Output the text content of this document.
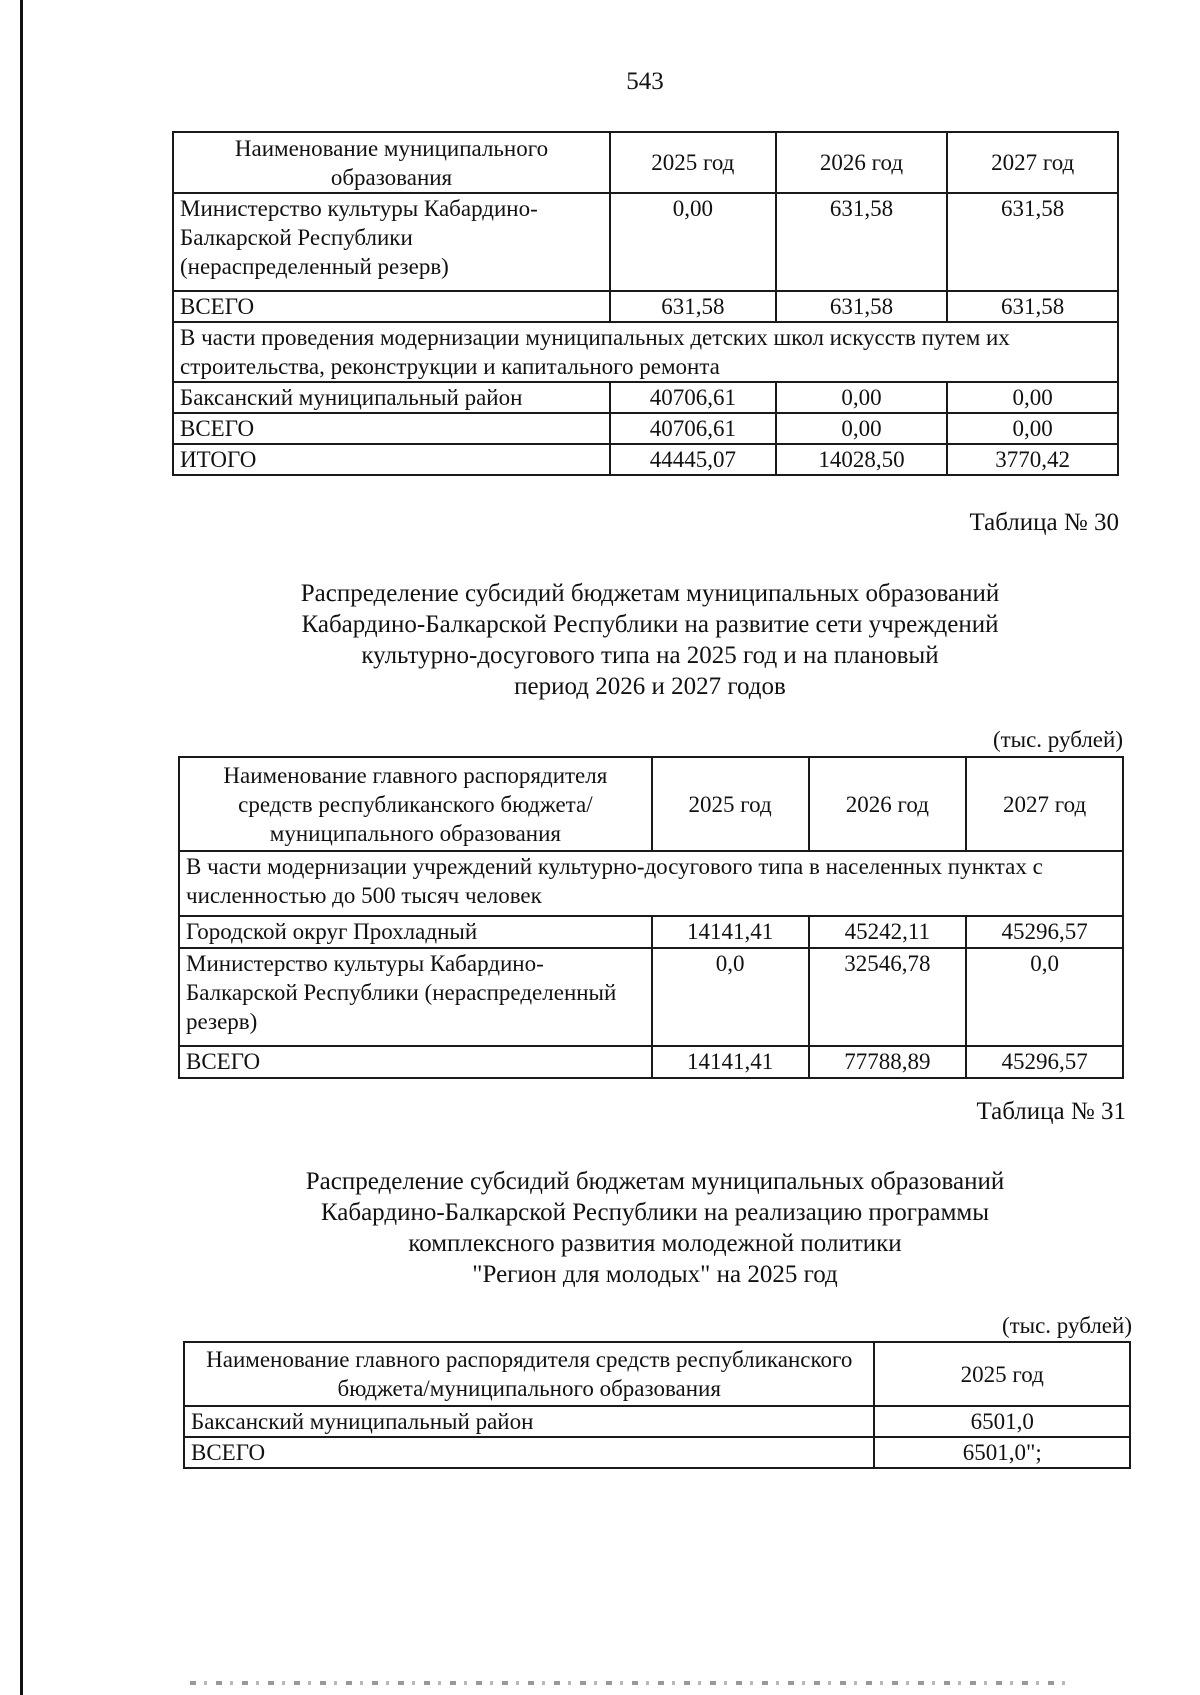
543
Наименование муниципального образования	2025 год	2026 год	2027 год
Министерство культуры Кабардино-Балкарской Республики (нераспределенный резерв)	0,00	631,58	631,58
ВСЕГО	631,58	631,58	631,58
В части проведения модернизации муниципальных детских школ искусств путем их строительства, реконструкции и капитального ремонта			
Баксанский муниципальный район	40706,61	0,00	0,00
ВСЕГО	40706,61	0,00	0,00
ИТОГО	44445,07	14028,50	3770,42
Таблица № 30
Распределение субсидий бюджетам муниципальных образований
Кабардино-Балкарской Республики на развитие сети учреждений
культурно-досугового типа на 2025 год и на плановый
период 2026 и 2027 годов
(тыс. рублей)
Наименование главного распорядителя средств республиканского бюджета/ муниципального образования	2025 год	2026 год	2027 год
В части модернизации учреждений культурно-досугового типа в населенных пунктах с численностью до 500 тысяч человек			
Городской округ Прохладный	14141,41	45242,11	45296,57
Министерство культуры Кабардино-Балкарской Республики (нераспределенный резерв)	0,0	32546,78	0,0
ВСЕГО	14141,41	77788,89	45296,57
Таблица № 31
Распределение субсидий бюджетам муниципальных образований
Кабардино-Балкарской Республики на реализацию программы
комплексного развития молодежной политики
"Регион для молодых" на 2025 год
(тыс. рублей)
Наименование главного распорядителя средств республиканского бюджета/муниципального образования	2025 год
Баксанский муниципальный район	6501,0
ВСЕГО	6501,0";
